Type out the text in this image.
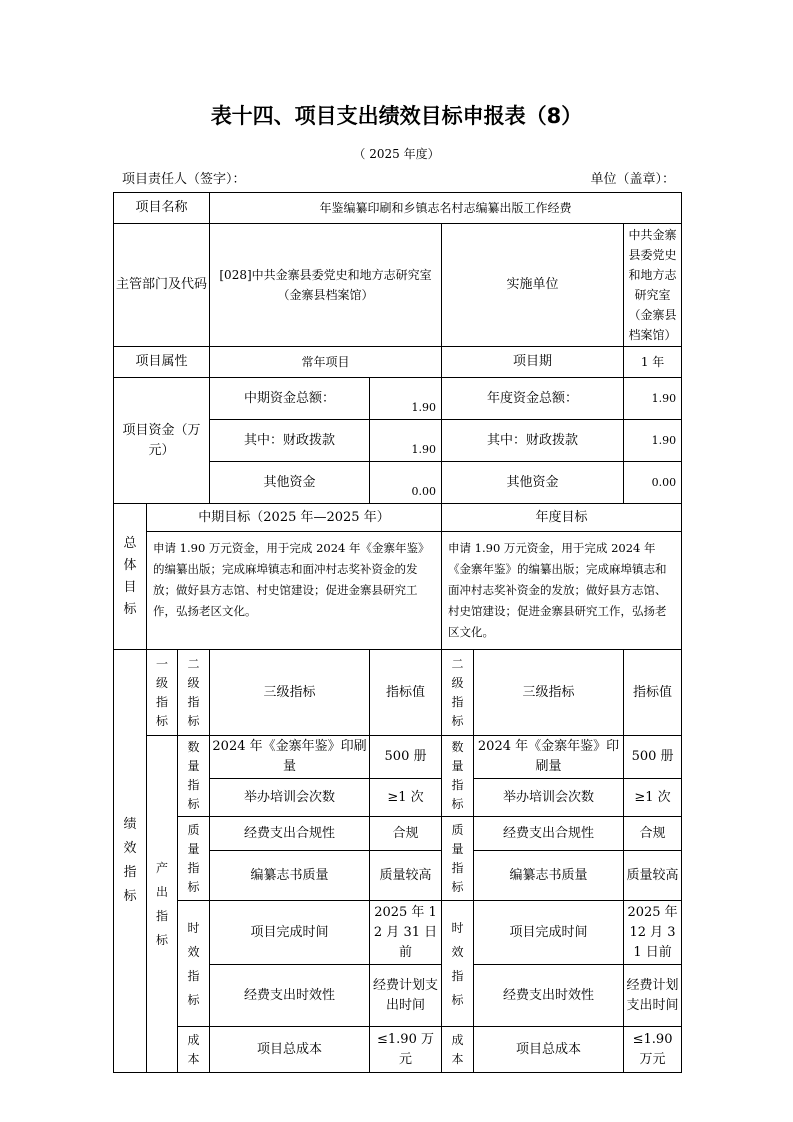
表十四、项目支出绩效目标申报表（8）
（ 2025 年度）
项目责任人（签字）：	单位（盖章）：
项目名称			年鉴编纂印刷和乡镇志名村志编纂出版工作经费				
主管部门及代码			[028]中共金寨县委党史和地方志研究室（金寨县档案馆）		实施单位		中共金寨县委党史和地方志研究室（金寨县档案馆）
项目属性			常年项目		项目期		1 年
项目资金（万元）			中期资金总额：	1.90	年度资金总额：		1.90
			其中：财政拨款	1.90	其中：财政拨款		1.90
			其他资金	0.00	其他资金		0.00
总体目标	中期目标（2025 年—2025 年）				年度目标		
	申请 1.90 万元资金，用于完成 2024 年《金寨年鉴》的编纂出版；完成麻埠镇志和面冲村志奖补资金的发放；做好县方志馆、村史馆建设；促进金寨县研究工作，弘扬老区文化。				申请 1.90 万元资金，用于完成 2024 年《金寨年鉴》的编纂出版；完成麻埠镇志和面冲村志奖补资金的发放；做好县方志馆、村史馆建设；促进金寨县研究工作，弘扬老区文化。		
绩效指标	一级指标	二级指标	三级指标	指标值	二级指标	三级指标	指标值
	产出指标	数量指标	2024 年《金寨年鉴》印刷量	500 册	数量指标	2024 年《金寨年鉴》印刷量	500 册
			举办培训会次数	≥1 次		举办培训会次数	≥1 次
		质量指标	经费支出合规性	合规	质量指标	经费支出合规性	合规
			编纂志书质量	质量较高		编纂志书质量	质量较高
		时效指标	项目完成时间	2025 年 12 月 31 日前	时效指标	项目完成时间	2025 年 12 月 31 日前
			经费支出时效性	经费计划支出时间		经费支出时效性	经费计划支出时间
		成本	项目总成本	≤1.90 万元	成本	项目总成本	≤1.90 万元
